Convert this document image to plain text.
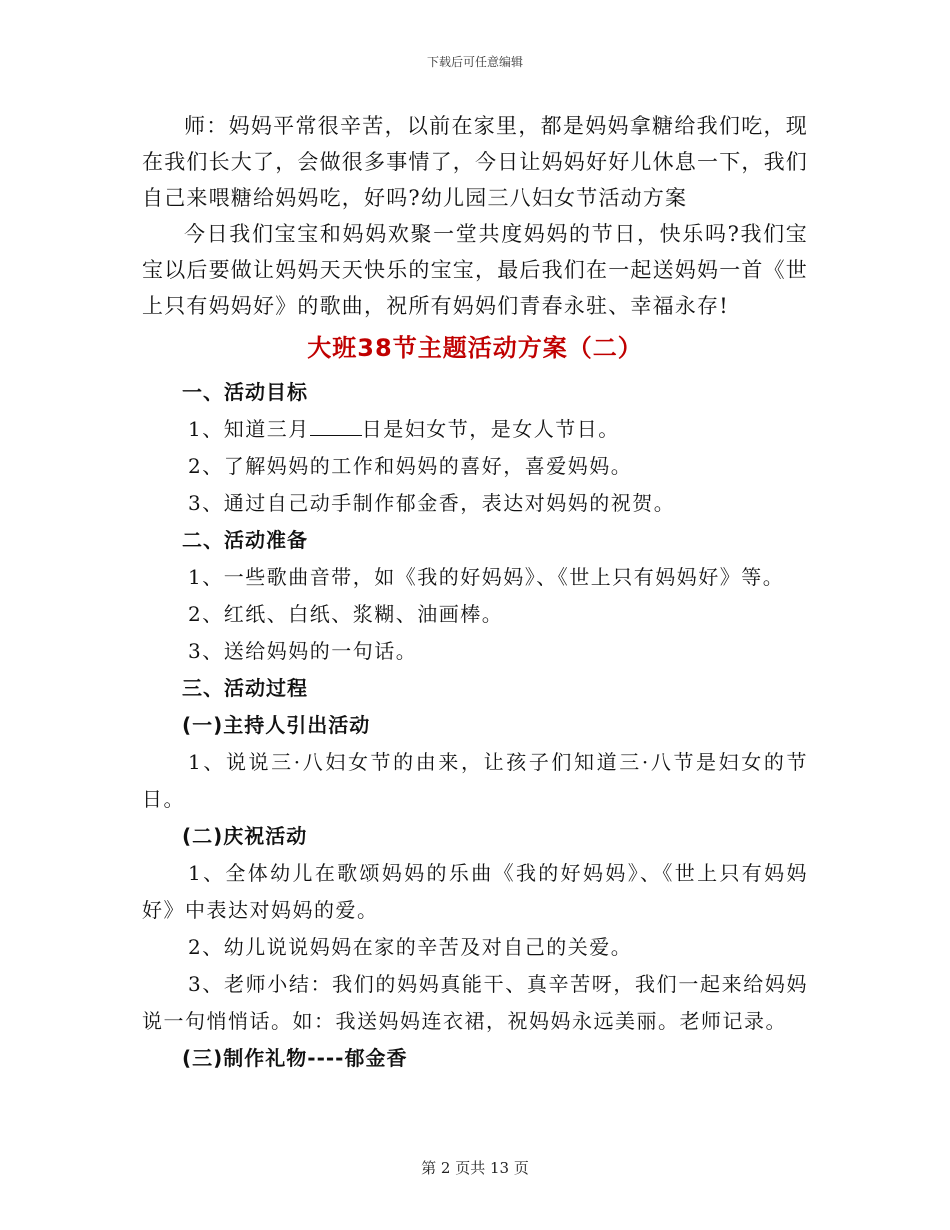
下载后可任意编辑

师：妈妈平常很辛苦，以前在家里，都是妈妈拿糖给我们吃，现在我们长大了，会做很多事情了，今日让妈妈好好儿休息一下，我们自己来喂糖给妈妈吃，好吗?幼儿园三八妇女节活动方案

今日我们宝宝和妈妈欢聚一堂共度妈妈的节日，快乐吗?我们宝宝以后要做让妈妈天天快乐的宝宝，最后我们在一起送妈妈一首《世上只有妈妈好》的歌曲，祝所有妈妈们青春永驻、幸福永存!

大班38节主题活动方案（二）

一、活动目标

1、知道三月	日是妇女节，是女人节日。

2、了解妈妈的工作和妈妈的喜好，喜爱妈妈。

3、通过自己动手制作郁金香，表达对妈妈的祝贺。

二、活动准备

1、一些歌曲音带，如《我的好妈妈》、《世上只有妈妈好》等。

2、红纸、白纸、浆糊、油画棒。

3、送给妈妈的一句话。

三、活动过程

(一)主持人引出活动

1、说说三·八妇女节的由来，让孩子们知道三·八节是妇女的节日。

(二)庆祝活动

1、全体幼儿在歌颂妈妈的乐曲《我的好妈妈》、《世上只有妈妈好》中表达对妈妈的爱。

2、幼儿说说妈妈在家的辛苦及对自己的关爱。

3、老师小结：我们的妈妈真能干、真辛苦呀，我们一起来给妈妈说一句悄悄话。如：我送妈妈连衣裙，祝妈妈永远美丽。老师记录。

(三)制作礼物----郁金香

第 2 页共 13 页
